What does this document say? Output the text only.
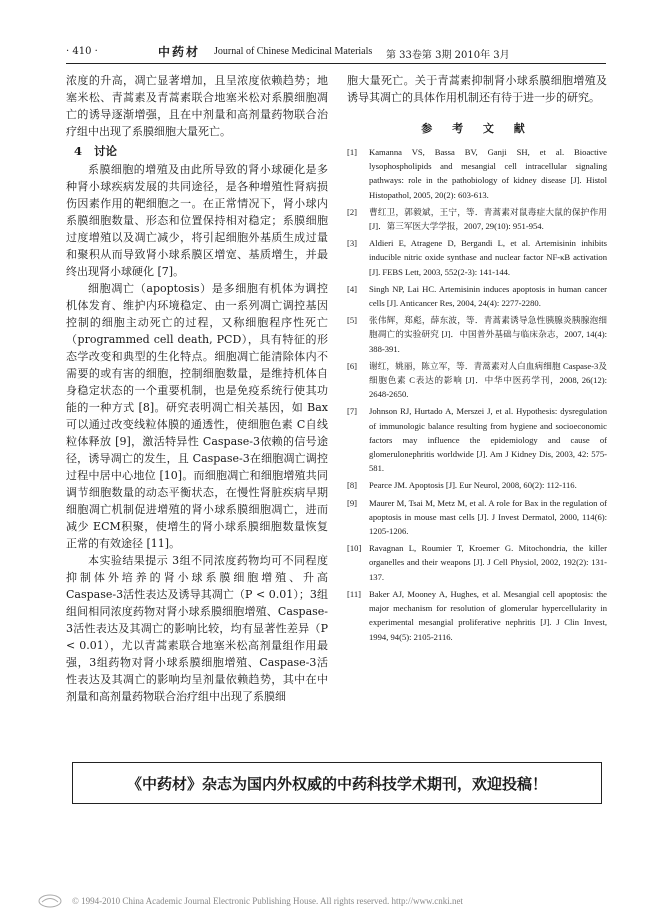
· 410 ·	中药材 Journal of Chinese Medicinal Materials 第 33卷第 3期 2010年 3月

浓度的升高，凋亡显著增加，且呈浓度依赖趋势；地塞米松、青蒿素及青蒿素联合地塞米松对系膜细胞凋亡的诱导逐渐增强，且在中剂量和高剂量药物联合治疗组中出现了系膜细胞大量死亡。

4 讨论

系膜细胞的增殖及由此所导致的肾小球硬化是多种肾小球疾病发展的共同途径，是各种增殖性肾病损伤因素作用的靶细胞之一。在正常情况下，肾小球内系膜细胞数量、形态和位置保持相对稳定；系膜细胞过度增殖以及凋亡减少，将引起细胞外基质生成过量和聚积从而导致肾小球系膜区增宽、基质增生，并最终出现肾小球硬化 [7]。

细胞凋亡（apoptosis）是多细胞有机体为调控机体发育、维护内环境稳定、由一系列凋亡调控基因控制的细胞主动死亡的过程，又称细胞程序性死亡（programmed cell death, PCD），具有特征的形态学改变和典型的生化特点。细胞凋亡能清除体内不需要的或有害的细胞，控制细胞数量，是维持机体自身稳定状态的一个重要机制，也是免疫系统行使其功能的一种方式 [8]。研究表明凋亡相关基因，如 Bax可以通过改变线粒体膜的通透性，使细胞色素 C自线粒体释放 [9]，激活特异性 Caspase-3依赖的信号途径，诱导凋亡的发生，且 Caspase-3在细胞凋亡调控过程中居中心地位 [10]。而细胞凋亡和细胞增殖共同调节细胞数量的动态平衡状态，在慢性肾脏疾病早期细胞凋亡机制促进增殖的肾小球系膜细胞凋亡，进而减少 ECM积聚，使增生的肾小球系膜细胞数量恢复正常的有效途径 [11]。

本实验结果提示 3组不同浓度药物均可不同程度抑制体外培养的肾小球系膜细胞增殖、升高 Caspase-3活性表达及诱导其凋亡（P < 0.01）；3组组间相同浓度药物对肾小球系膜细胞增殖、Caspase-3活性表达及其凋亡的影响比较，均有显著性差异（P < 0.01），尤以青蒿素联合地塞米松高剂量组作用最强，3组药物对肾小球系膜细胞增殖、Caspase-3活性表达及其凋亡的影响均呈剂量依赖趋势，其中在中剂量和高剂量药物联合治疗组中出现了系膜细

胞大量死亡。关于青蒿素抑制肾小球系膜细胞增殖及诱导其凋亡的具体作用机制还有待于进一步的研究。

参 考 文 献
[1]	Kamanna VS, Bassa BV, Ganji SH, et al. Bioactive lysophospholipids and mesangial cell intracellular signaling pathways: role in the pathobiology of kidney disease [J]. Histol Histopathol, 2005, 20(2): 603-613.
[2]	曹红卫，郭毅斌，王宁，等．青蒿素对鼠毒症大鼠的保护作用 [J]．第三军医大学学报，2007, 29(10): 951-954.
[3]	Aldieri E, Atragene D, Bergandi L, et al. Artemisinin inhibits inducible nitric oxide synthase and nuclear factor NF-κB activation [J]. FEBS Lett, 2003, 552(2-3): 141-144.
[4]	Singh NP, Lai HC. Artemisinin induces apoptosis in human cancer cells [J]. Anticancer Res, 2004, 24(4): 2277-2280.
[5]	张伟辉，郑彪，薛东波，等．青蒿素诱导急性胰腺炎胰腺泡细胞凋亡的实验研究 [J]．中国普外基础与临床杂志，2007, 14(4): 388-391.
[6]	谢红，姚丽，陈立军，等．青蒿素对人白血病细胞 Caspase-3及细胞色素 C表达的影响 [J]．中华中医药学刊，2008, 26(12): 2648-2650.
[7]	Johnson RJ, Hurtado A, Merszei J, et al. Hypothesis: dysregulation of immunologic balance resulting from hygiene and socioeconomic factors may influence the epidemiology and cause of glomerulonephritis worldwide [J]. Am J Kidney Dis, 2003, 42: 575-581.
[8]	Pearce JM. Apoptosis [J]. Eur Neurol, 2008, 60(2): 112-116.
[9]	Maurer M, Tsai M, Metz M, et al. A role for Bax in the regulation of apoptosis in mouse mast cells [J]. J Invest Dermatol, 2000, 114(6): 1205-1206.
[10] Ravagnan L, Roumier T, Kroemer G. Mitochondria, the killer organelles and their weapons [J]. J Cell Physiol, 2002, 192(2): 131-137.
[11] Baker AJ, Mooney A, Hughes, et al. Mesangial cell apoptosis: the major mechanism for resolution of glomerular hypercellularity in experimental mesangial proliferative nephritis [J]. J Clin Invest, 1994, 94(5): 2105-2116.
《中药材》杂志为国内外权威的中药科技学术期刊，欢迎投稿！
© 1994-2010 China Academic Journal Electronic Publishing House. All rights reserved. http://www.cnki.net
